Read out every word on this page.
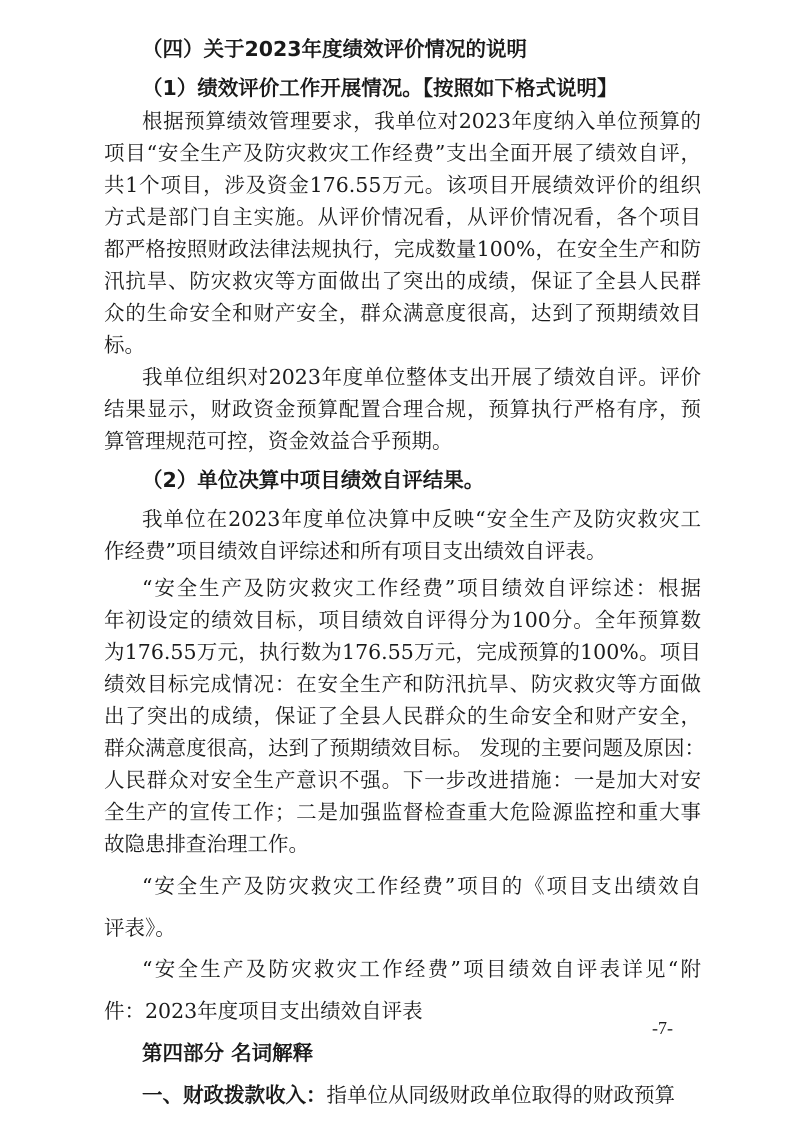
（四）关于2023年度绩效评价情况的说明

（1）绩效评价工作开展情况。【按照如下格式说明】

根据预算绩效管理要求，我单位对2023年度纳入单位预算的

项目“安全生产及防灾救灾工作经费”支出全面开展了绩效自评，

共1个项目，涉及资金176.55万元。该项目开展绩效评价的组织

方式是部门自主实施。从评价情况看，从评价情况看，各个项目

都严格按照财政法律法规执行，完成数量100%，在安全生产和防

汛抗旱、防灾救灾等方面做出了突出的成绩，保证了全县人民群

众的生命安全和财产安全，群众满意度很高，达到了预期绩效目

标。

我单位组织对2023年度单位整体支出开展了绩效自评。评价

结果显示，财政资金预算配置合理合规，预算执行严格有序，预

算管理规范可控，资金效益合乎预期。

（2）单位决算中项目绩效自评结果。

我单位在2023年度单位决算中反映“安全生产及防灾救灾工

作经费”项目绩效自评综述和所有项目支出绩效自评表。

“安全生产及防灾救灾工作经费”项目绩效自评综述：根据

年初设定的绩效目标，项目绩效自评得分为100分。全年预算数

为176.55万元，执行数为176.55万元，完成预算的100%。项目

绩效目标完成情况：在安全生产和防汛抗旱、防灾救灾等方面做

出了突出的成绩，保证了全县人民群众的生命安全和财产安全，

群众满意度很高，达到了预期绩效目标。 发现的主要问题及原因：

人民群众对安全生产意识不强。下一步改进措施：一是加大对安

全生产的宣传工作；二是加强监督检查重大危险源监控和重大事

故隐患排查治理工作。

“安全生产及防灾救灾工作经费”项目的《项目支出绩效自

评表》。

“安全生产及防灾救灾工作经费”项目绩效自评表详见“附

件：2023年度项目支出绩效自评表

第四部分 名词解释

一、财政拨款收入：指单位从同级财政单位取得的财政预算

-7-
